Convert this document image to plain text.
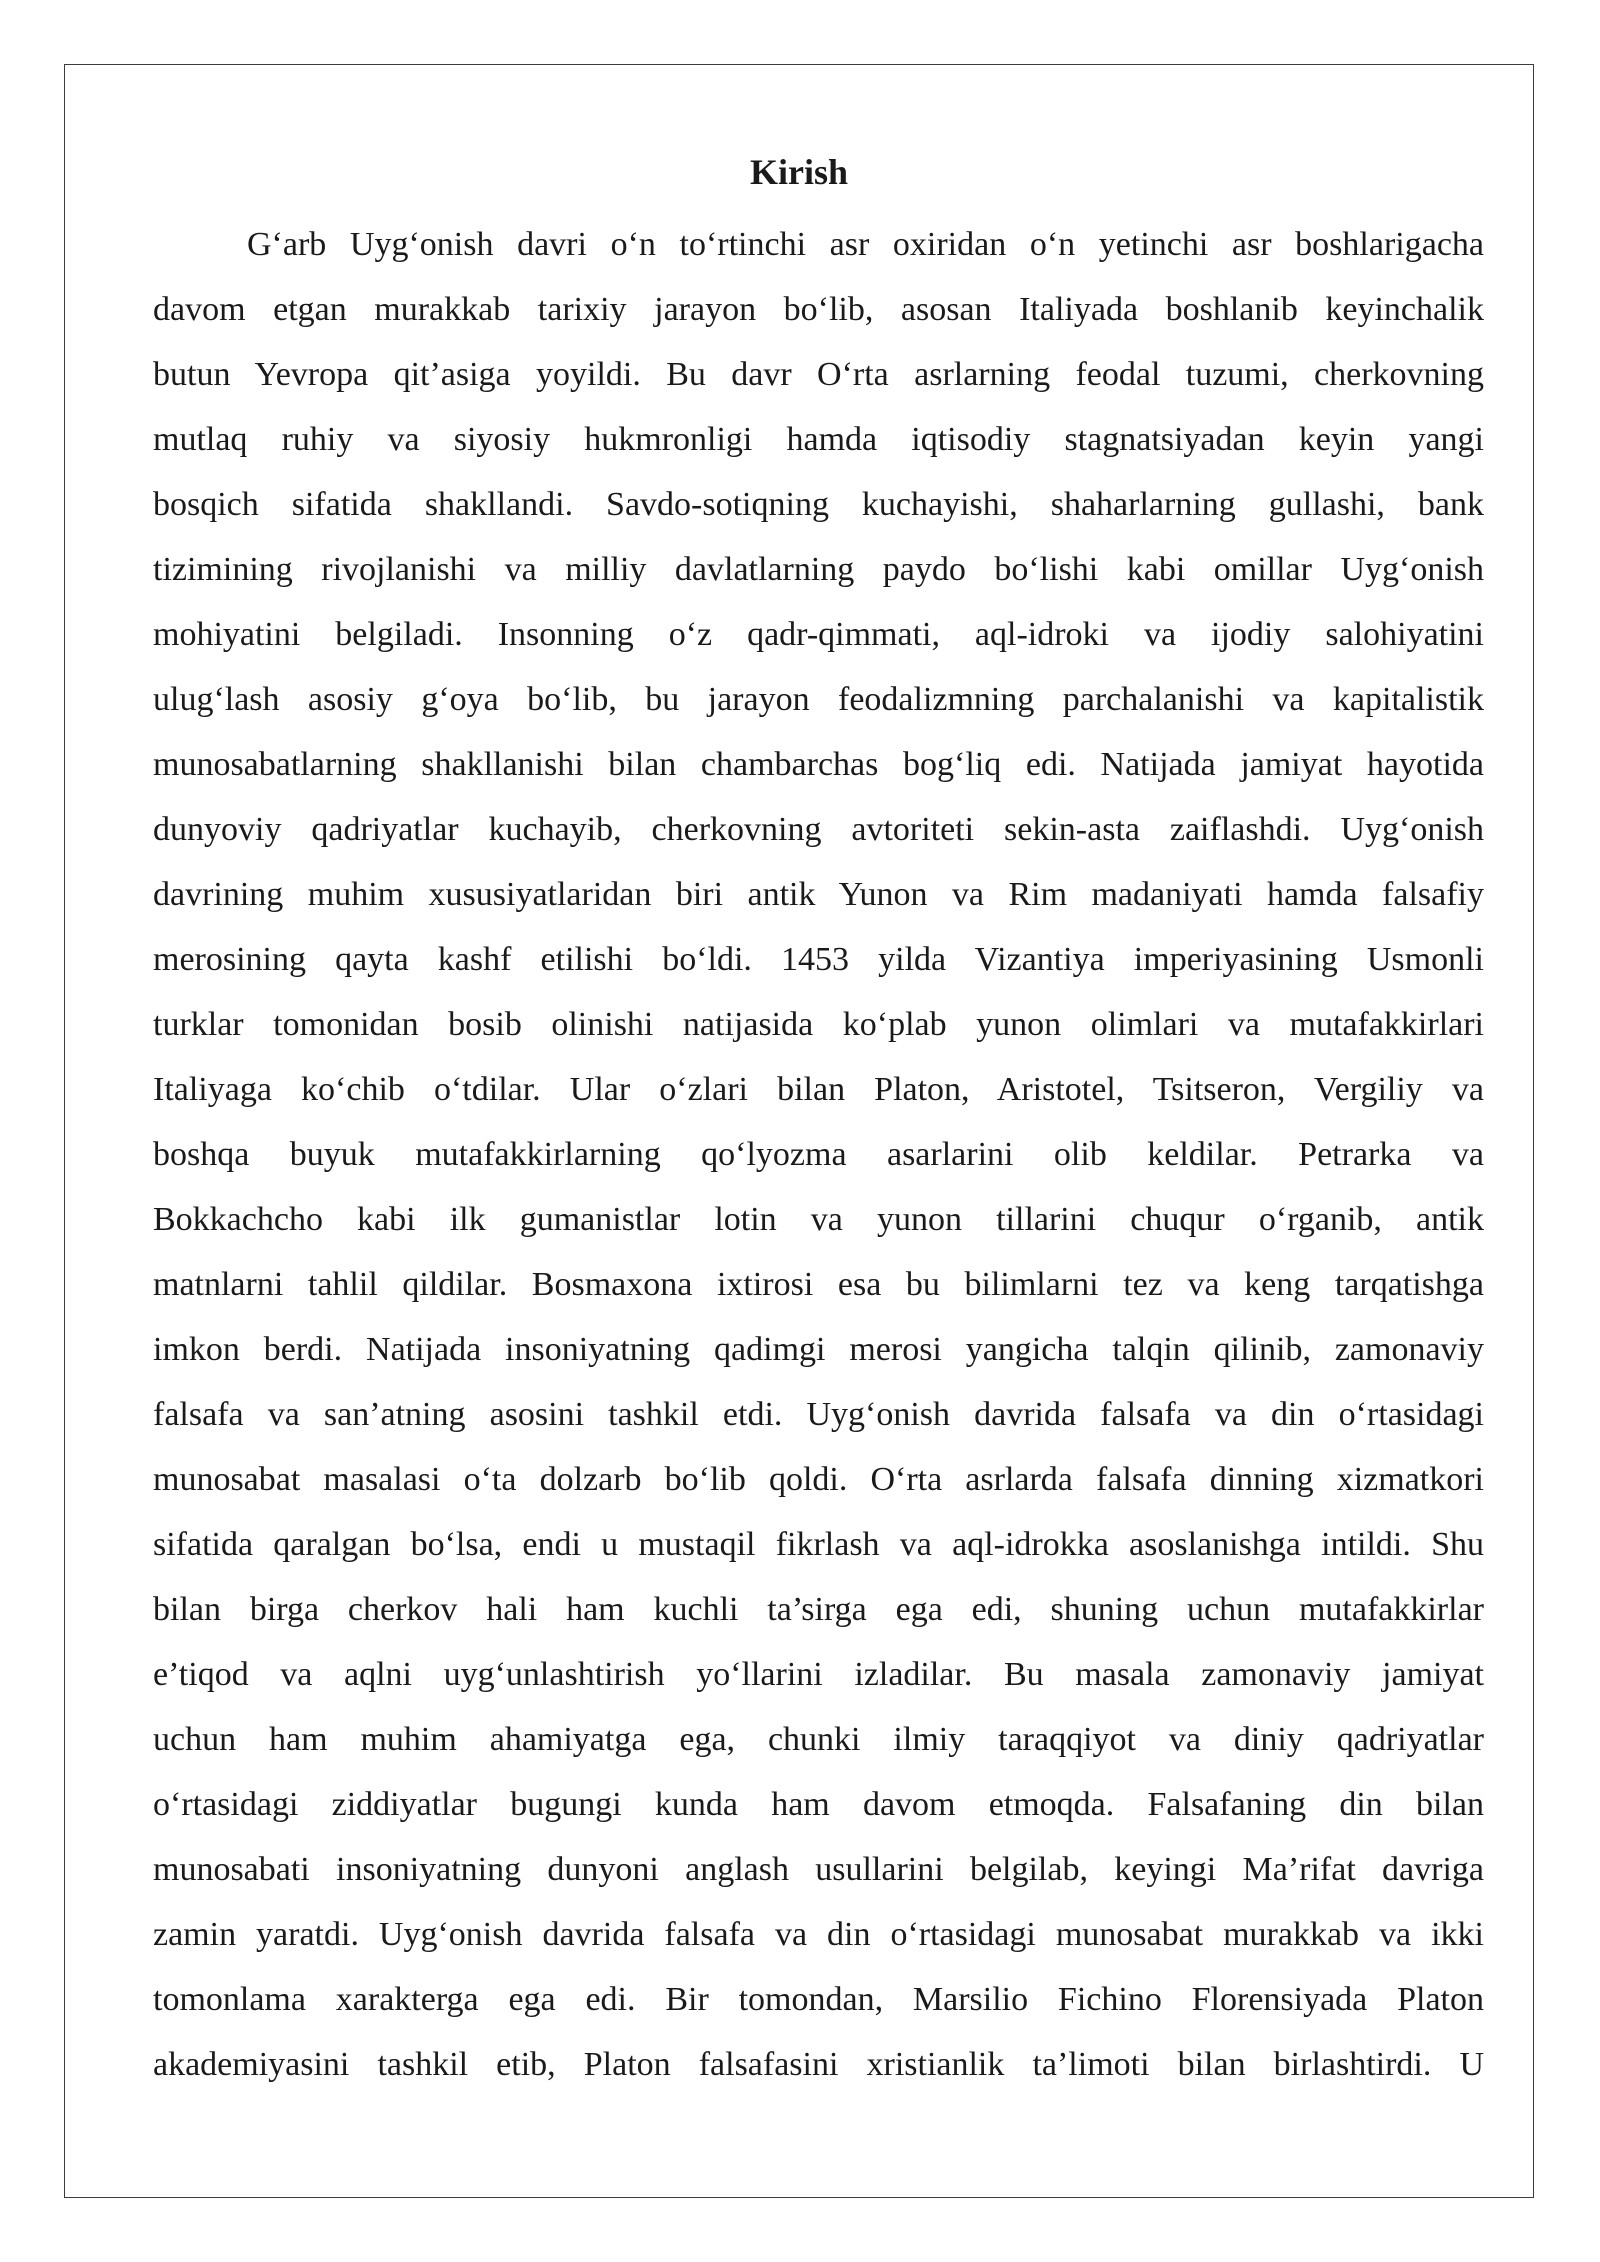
Kirish
G‘arb Uyg‘onish davri o‘n to‘rtinchi asr oxiridan o‘n yetinchi asr boshlarigacha
davom etgan murakkab tarixiy jarayon bo‘lib, asosan Italiyada boshlanib keyinchalik
butun Yevropa qit’asiga yoyildi. Bu davr O‘rta asrlarning feodal tuzumi, cherkovning
mutlaq ruhiy va siyosiy hukmronligi hamda iqtisodiy stagnatsiyadan keyin yangi
bosqich sifatida shakllandi. Savdo-sotiqning kuchayishi, shaharlarning gullashi, bank
tizimining rivojlanishi va milliy davlatlarning paydo bo‘lishi kabi omillar Uyg‘onish
mohiyatini belgiladi. Insonning o‘z qadr-qimmati, aql-idroki va ijodiy salohiyatini
ulug‘lash asosiy g‘oya bo‘lib, bu jarayon feodalizmning parchalanishi va kapitalistik
munosabatlarning shakllanishi bilan chambarchas bog‘liq edi. Natijada jamiyat hayotida
dunyoviy qadriyatlar kuchayib, cherkovning avtoriteti sekin-asta zaiflashdi. Uyg‘onish
davrining muhim xususiyatlaridan biri antik Yunon va Rim madaniyati hamda falsafiy
merosining qayta kashf etilishi bo‘ldi. 1453 yilda Vizantiya imperiyasining Usmonli
turklar tomonidan bosib olinishi natijasida ko‘plab yunon olimlari va mutafakkirlari
Italiyaga ko‘chib o‘tdilar. Ular o‘zlari bilan Platon, Aristotel, Tsitseron, Vergiliy va
boshqa buyuk mutafakkirlarning qo‘lyozma asarlarini olib keldilar. Petrarka va
Bokkachcho kabi ilk gumanistlar lotin va yunon tillarini chuqur o‘rganib, antik
matnlarni tahlil qildilar. Bosmaxona ixtirosi esa bu bilimlarni tez va keng tarqatishga
imkon berdi. Natijada insoniyatning qadimgi merosi yangicha talqin qilinib, zamonaviy
falsafa va san’atning asosini tashkil etdi. Uyg‘onish davrida falsafa va din o‘rtasidagi
munosabat masalasi o‘ta dolzarb bo‘lib qoldi. O‘rta asrlarda falsafa dinning xizmatkori
sifatida qaralgan bo‘lsa, endi u mustaqil fikrlash va aql-idrokka asoslanishga intildi. Shu
bilan birga cherkov hali ham kuchli ta’sirga ega edi, shuning uchun mutafakkirlar
e’tiqod va aqlni uyg‘unlashtirish yo‘llarini izladilar. Bu masala zamonaviy jamiyat
uchun ham muhim ahamiyatga ega, chunki ilmiy taraqqiyot va diniy qadriyatlar
o‘rtasidagi ziddiyatlar bugungi kunda ham davom etmoqda. Falsafaning din bilan
munosabati insoniyatning dunyoni anglash usullarini belgilab, keyingi Ma’rifat davriga
zamin yaratdi. Uyg‘onish davrida falsafa va din o‘rtasidagi munosabat murakkab va ikki
tomonlama xarakterga ega edi. Bir tomondan, Marsilio Fichino Florensiyada Platon
akademiyasini tashkil etib, Platon falsafasini xristianlik ta’limoti bilan birlashtirdi. U
